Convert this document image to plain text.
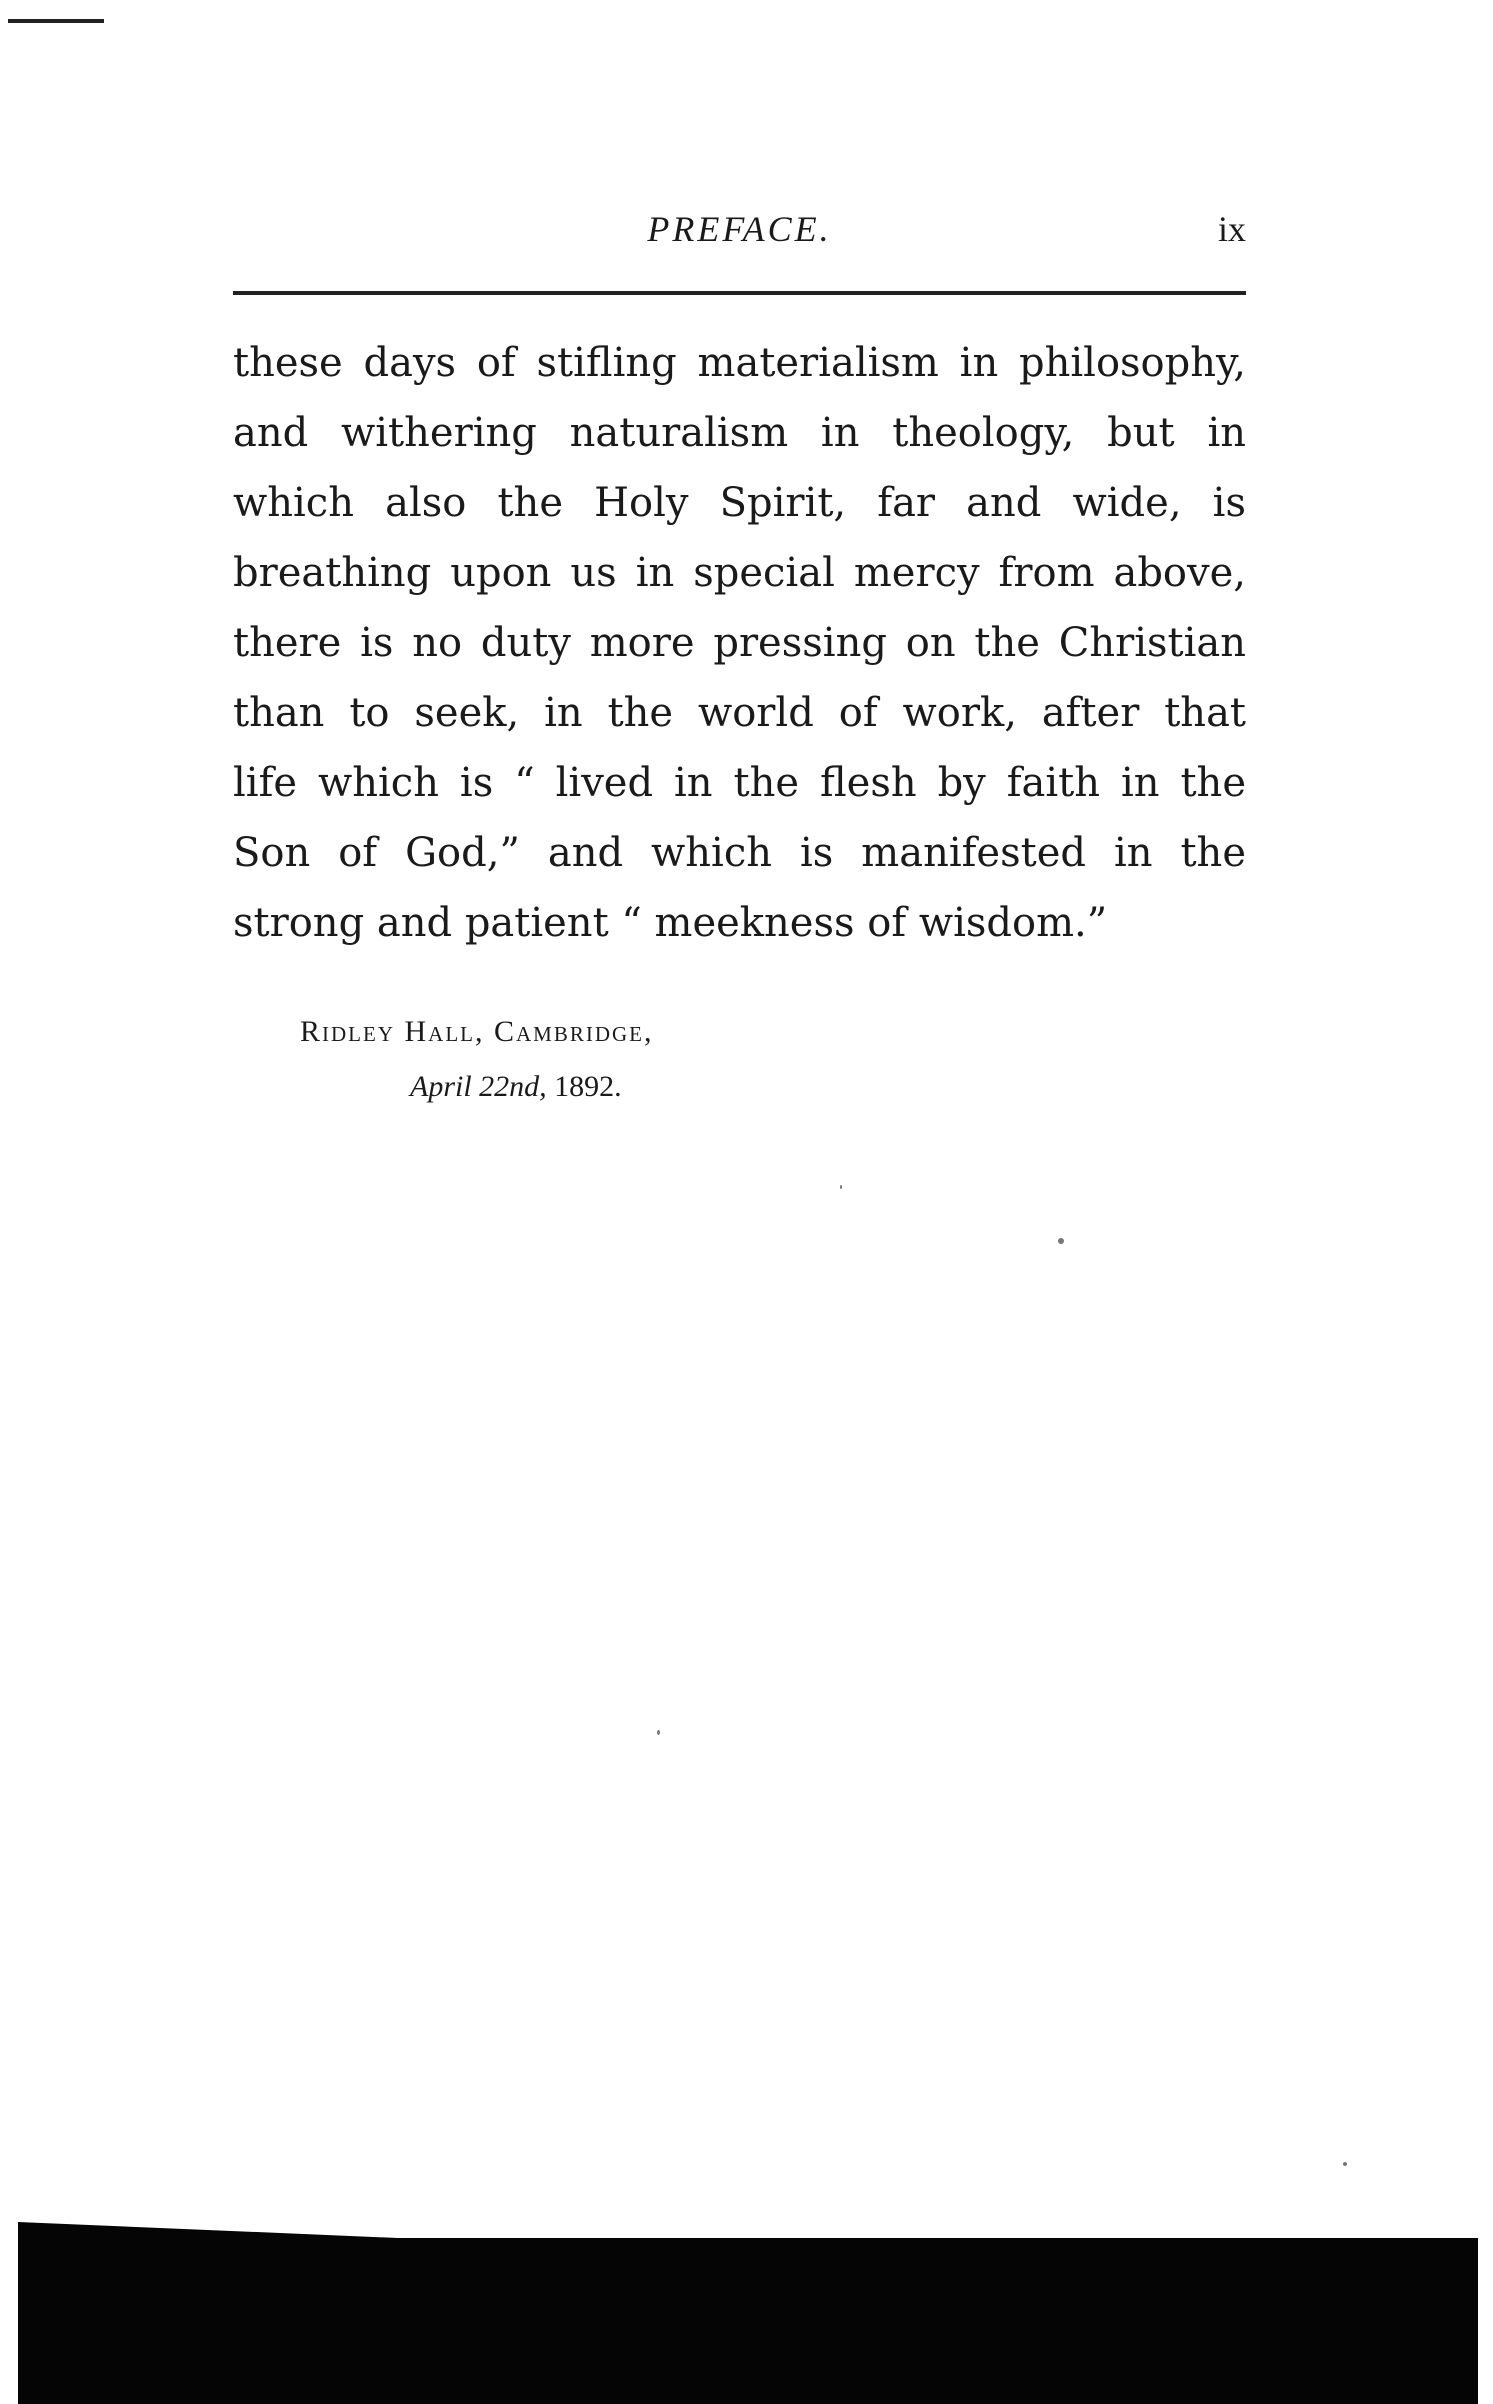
PREFACE.	ix
these days of stifling materialism in philosophy,
and withering naturalism in theology, but in
which also the Holy Spirit, far and wide, is
breathing upon us in special mercy from above,
there is no duty more pressing on the Christian
than to seek, in the world of work, after that
life which is “ lived in the flesh by faith in the
Son of God,” and which is manifested in the
strong and patient “ meekness of wisdom.”
Ridley Hall, Cambridge,
April 22nd, 1892.
